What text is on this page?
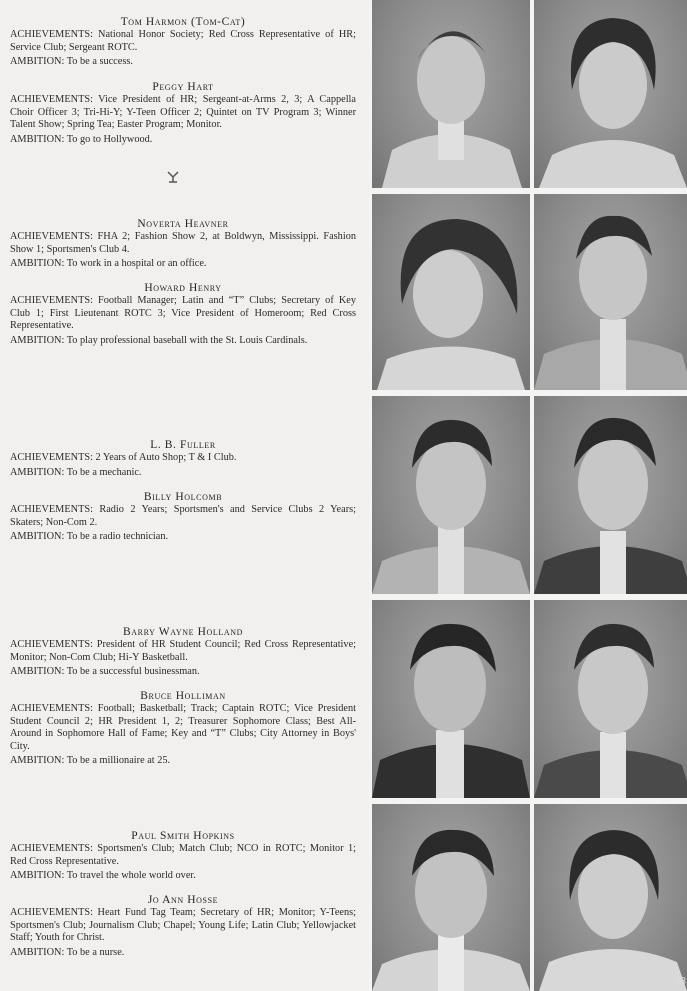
Tom Harmon (Tom-Cat)

ACHIEVEMENTS: National Honor Society; Red Cross Representative of HR; Service Club; Sergeant ROTC.

AMBITION: To be a success.

Peggy Hart

ACHIEVEMENTS: Vice President of HR; Sergeant-at-Arms 2, 3; A Cappella Choir Officer 3; Tri-Hi-Y; Y-Teen Officer 2; Quintet on TV Program 3; Winner Talent Show; Spring Tea; Easter Program; Monitor.

AMBITION: To go to Hollywood.

Noverta Heavner

ACHIEVEMENTS: FHA 2; Fashion Show 2, at Boldwyn, Mississippi. Fashion Show 1; Sportsmen's Club 4.

AMBITION: To work in a hospital or an office.

Howard Henry

ACHIEVEMENTS: Football Manager; Latin and “T” Clubs; Secretary of Key Club 1; First Lieutenant ROTC 3; Vice President of Homeroom; Red Cross Representative.

AMBITION: To play professional baseball with the St. Louis Cardinals.

L. B. Fuller

ACHIEVEMENTS: 2 Years of Auto Shop; T & I Club.

AMBITION: To be a mechanic.

Billy Holcomb

ACHIEVEMENTS: Radio 2 Years; Sportsmen's and Service Clubs 2 Years; Skaters; Non-Com 2.

AMBITION: To be a radio technician.

Barry Wayne Holland

ACHIEVEMENTS: President of HR Student Council; Red Cross Representative; Monitor; Non-Com Club; Hi-Y Basketball.

AMBITION: To be a successful businessman.

Bruce Holliman

ACHIEVEMENTS: Football; Basketball; Track; Captain ROTC; Vice President Student Council 2; HR President 1, 2; Treasurer Sophomore Class; Best All-Around in Sophomore Hall of Fame; Key and “T” Clubs; City Attorney in Boys' City.

AMBITION: To be a millionaire at 25.

Paul Smith Hopkins

ACHIEVEMENTS: Sportsmen's Club; Match Club; NCO in ROTC; Monitor 1; Red Cross Representative.

AMBITION: To travel the whole world over.

Jo Ann Hosse

ACHIEVEMENTS: Heart Fund Tag Team; Secretary of HR; Monitor; Y-Teens; Sportsmen's Club; Journalism Club; Chapel; Young Life; Latin Club; Yellowjacket Staff; Youth for Christ.

AMBITION: To be a nurse.

23
